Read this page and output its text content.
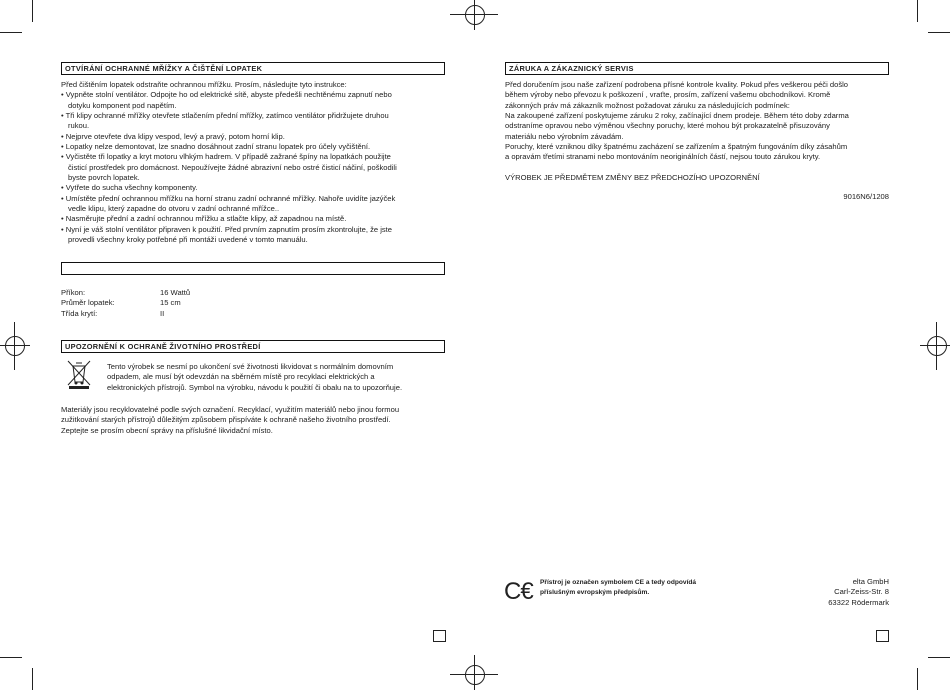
OTVÍRÁNÍ OCHRANNÉ MŘÍŽKY A ČIŠTĚNÍ LOPATEK
Před čištěním lopatek odstraňte ochrannou mřížku. Prosím, následujte tyto instrukce:
• Vypněte stolní ventilátor. Odpojte ho od elektrické sítě, abyste předešli nechtěnému zapnutí nebo
dotyku komponent pod napětím.
• Tři klipy ochranné mřížky otevřete stlačením přední mřížky, zatímco ventilátor přidržujete druhou
rukou.
• Nejprve otevřete dva klipy vespod, levý a pravý, potom horní klip.
• Lopatky nelze demontovat, lze snadno dosáhnout zadní stranu lopatek pro účely vyčištění.
• Vyčistěte tři lopatky a kryt motoru vlhkým hadrem. V případě zažrané špíny na lopatkách použijte
čisticí prostředek pro domácnost. Nepoužívejte žádné abrazivní nebo ostré čisticí náčiní, poškodili
byste povrch lopatek.
• Vytřete do sucha všechny komponenty.
• Umístěte přední ochrannou mřížku na horní stranu zadní ochranné mřížky. Nahoře uvidíte jazýček
vedle klipu, který zapadne do otvoru v zadní ochranné mřížce..
• Nasměrujte přední a zadní ochrannou mřížku a stlačte klipy, až zapadnou na místě.
• Nyní je váš stolní ventilátor připraven k použití. Před prvním zapnutím prosím zkontrolujte, že jste
provedli všechny kroky potřebné při montáži uvedené v tomto manuálu.
Příkon:
Průměr lopatek:
Třída krytí:
16 Wattů
15 cm
II
UPOZORNĚNÍ K OCHRANĚ ŽIVOTNÍHO PROSTŘEDÍ
Tento výrobek se nesmí po ukončení své životnosti likvidovat s normálním domovním
odpadem, ale musí být odevzdán na sběrném místě pro recyklaci elektrických a
elektronických přístrojů. Symbol na výrobku, návodu k použití či obalu na to upozorňuje.
Materiály jsou recyklovatelné podle svých označení. Recyklací, využitím materiálů nebo jinou formou
zužitkování starých přístrojů důležitým způsobem přispíváte k ochraně našeho životního prostředí.
Zeptejte se prosím obecní správy na příslušné likvidační místo.
ZÁRUKA A ZÁKAZNICKÝ SERVIS
Před doručením jsou naše zařízení podrobena přísné kontrole kvality. Pokud přes veškerou péči došlo
během výroby nebo převozu k poškození , vraťte, prosím, zařízení vašemu obchodníkovi. Kromě
zákonných práv má zákazník možnost požadovat záruku za následujících podmínek:
Na zakoupené zařízení poskytujeme záruku 2 roky, začínající dnem prodeje. Během této doby zdarma
odstraníme opravou nebo výměnou všechny poruchy, které mohou být prokazatelně přisuzovány
materiálu nebo výrobním závadám.
Poruchy, které vzniknou díky špatnému zacházení se zařízením a špatným fungováním díky zásahům
a opravám třetími stranami nebo montováním neoriginálních částí, nejsou touto zárukou kryty.
VÝROBEK JE PŘEDMĚTEM ZMĚNY BEZ PŘEDCHOZÍHO UPOZORNĚNÍ
9016N6/1208
C€ Přístroj je označen symbolem CE a tedy odpovídá
příslušným evropským předpisům.
elta GmbH
Carl-Zeiss-Str. 8
63322 Rödermark
